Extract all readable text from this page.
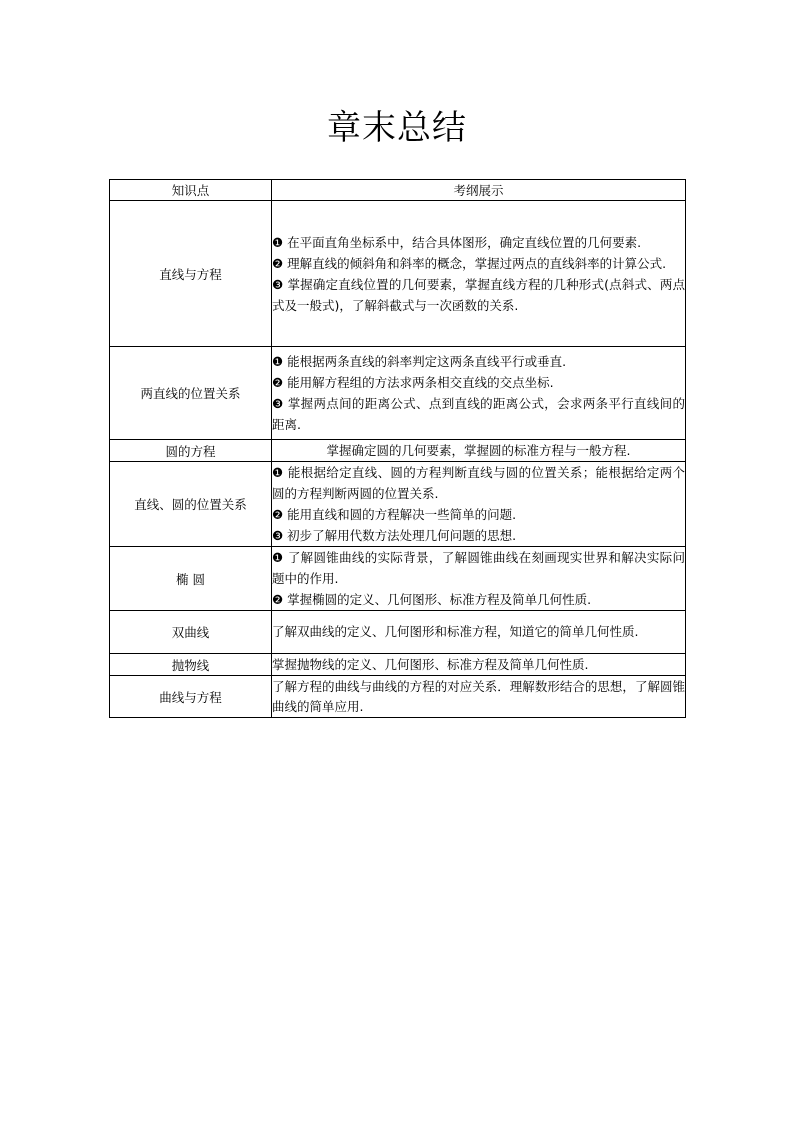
章末总结
知识点	考纲展示
直线与方程	❶ 在平面直角坐标系中，结合具体图形，确定直线位置的几何要素.
❷ 理解直线的倾斜角和斜率的概念，掌握过两点的直线斜率的计算公式.
❸ 掌握确定直线位置的几何要素，掌握直线方程的几种形式(点斜式、两点式及一般式)，了解斜截式与一次函数的关系.

两直线的位置关系	❶ 能根据两条直线的斜率判定这两条直线平行或垂直.
❷ 能用解方程组的方法求两条相交直线的交点坐标.
❸ 掌握两点间的距离公式、点到直线的距离公式，会求两条平行直线间的距离.

圆的方程	掌握确定圆的几何要素，掌握圆的标准方程与一般方程.

直线、圆的位置关系	❶ 能根据给定直线、圆的方程判断直线与圆的位置关系；能根据给定两个圆的方程判断两圆的位置关系.
❷ 能用直线和圆的方程解决一些简单的问题.
❸ 初步了解用代数方法处理几何问题的思想.

椭 圆	❶ 了解圆锥曲线的实际背景，了解圆锥曲线在刻画现实世界和解决实际问题中的作用.
❷ 掌握椭圆的定义、几何图形、标准方程及简单几何性质.

双曲线	了解双曲线的定义、几何图形和标准方程，知道它的简单几何性质.

抛物线	掌握抛物线的定义、几何图形、标准方程及简单几何性质.

曲线与方程	了解方程的曲线与曲线的方程的对应关系．理解数形结合的思想，了解圆锥曲线的简单应用.
